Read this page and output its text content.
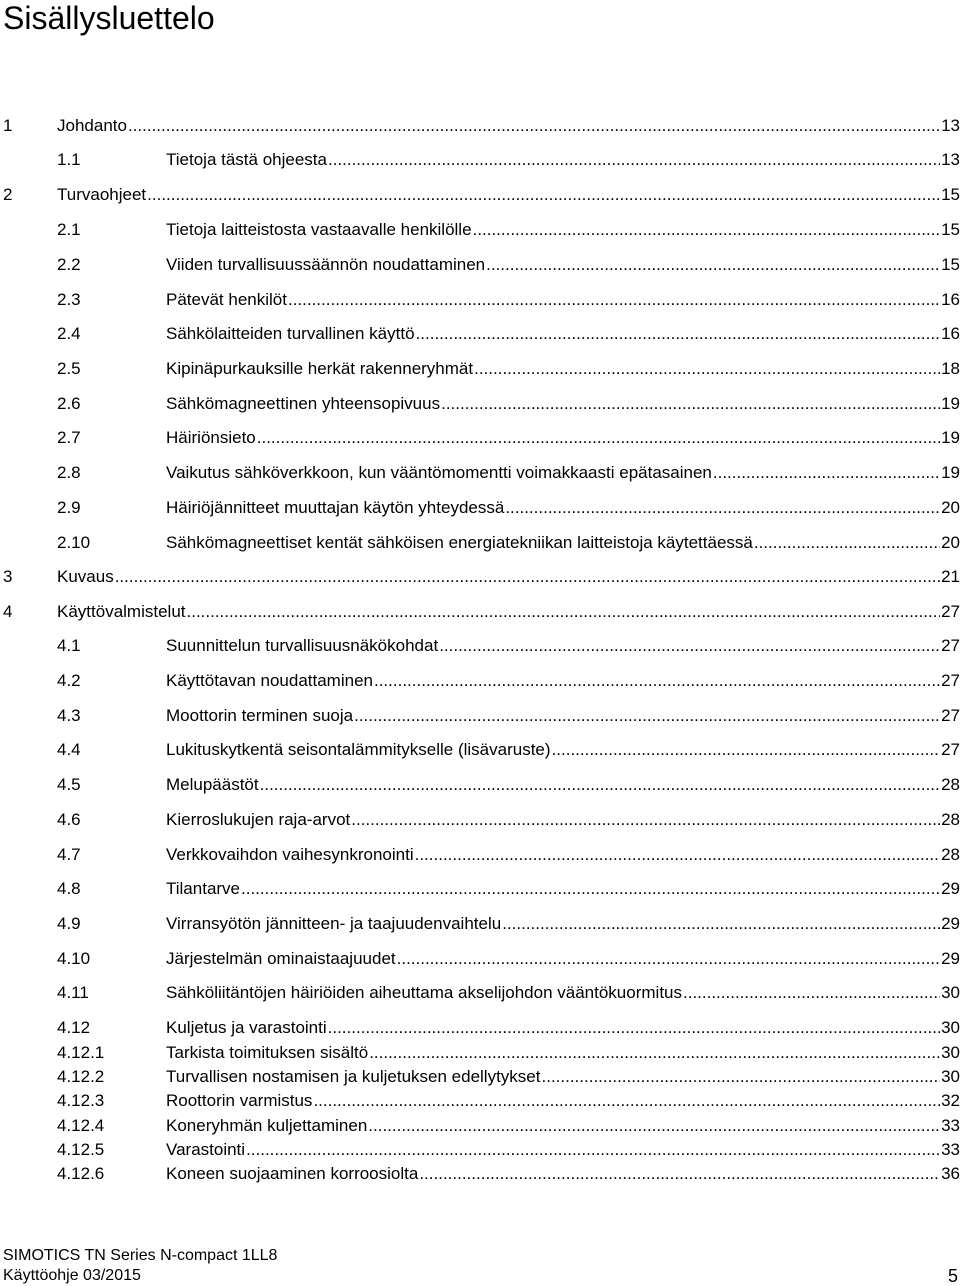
Sisällysluettelo
1	Johdanto .....	13
1.1	Tietoja tästä ohjeesta .....	13
2	Turvaohjeet .....	15
2.1	Tietoja laitteistosta vastaavalle henkilölle .....	15
2.2	Viiden turvallisuussäännön noudattaminen .....	15
2.3	Pätevät henkilöt .....	16
2.4	Sähkölaitteiden turvallinen käyttö .....	16
2.5	Kipinäpurkauksille herkät rakenneryhmät .....	18
2.6	Sähkömagneettinen yhteensopivuus .....	19
2.7	Häiriönsieto .....	19
2.8	Vaikutus sähköverkkoon, kun vääntömomentti voimakkaasti epätasainen .....	19
2.9	Häiriöjännitteet muuttajan käytön yhteydessä .....	20
2.10	Sähkömagneettiset kentät sähköisen energiatekniikan laitteistoja käytettäessä .....	20
3	Kuvaus .....	21
4	Käyttövalmistelut .....	27
4.1	Suunnittelun turvallisuusnäkökohdat .....	27
4.2	Käyttötavan noudattaminen .....	27
4.3	Moottorin terminen suoja .....	27
4.4	Lukituskytkentä seisontalämmitykselle (lisävaruste) .....	27
4.5	Melupäästöt .....	28
4.6	Kierroslukujen raja-arvot .....	28
4.7	Verkkovaihdon vaihesynkronointi .....	28
4.8	Tilantarve .....	29
4.9	Virransyötön jännitteen- ja taajuudenvaihtelu .....	29
4.10	Järjestelmän ominaistaajuudet .....	29
4.11	Sähköliitäntöjen häiriöiden aiheuttama akselijohdon vääntökuormitus .....	30
4.12	Kuljetus ja varastointi .....	30
4.12.1	Tarkista toimituksen sisältö .....	30
4.12.2	Turvallisen nostamisen ja kuljetuksen edellytykset .....	30
4.12.3	Roottorin varmistus .....	32
4.12.4	Koneryhmän kuljettaminen .....	33
4.12.5	Varastointi .....	33
4.12.6	Koneen suojaaminen korroosiolta .....	36
SIMOTICS TN Series N-compact 1LL8
Käyttöohje 03/2015	5
